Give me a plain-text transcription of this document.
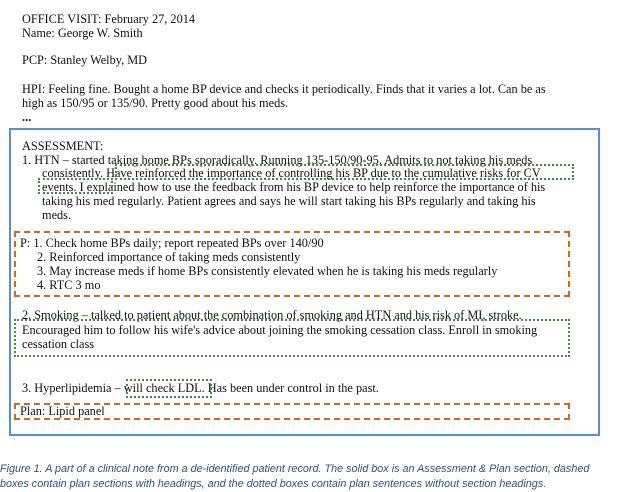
OFFICE VISIT: February 27, 2014
Name: George W. Smith
PCP: Stanley Welby, MD
HPI: Feeling fine. Bought a home BP device and checks it periodically. Finds that it varies a lot. Can be as
high as 150/95 or 135/90. Pretty good about his meds.
...
ASSESSMENT:
1. HTN – started taking home BPs sporadically. Running 135-150/90-95. Admits to not taking his meds
consistently. Have reinforced the importance of controlling his BP due to the cumulative risks for CV
events. I explained how to use the feedback from his BP device to help reinforce the importance of his
taking his med regularly. Patient agrees and says he will start taking his BPs regularly and taking his
meds.
P: 1. Check home BPs daily; report repeated BPs over 140/90
2. Reinforced importance of taking meds consistently
3. May increase meds if home BPs consistently elevated when he is taking his meds regularly
4. RTC 3 mo
2. Smoking – talked to patient about the combination of smoking and HTN and his risk of MI, stroke.
Encouraged him to follow his wife's advice about joining the smoking cessation class. Enroll in smoking
cessation class
3. Hyperlipidemia – will check LDL. Has been under control in the past.
Plan: Lipid panel
Figure 1. A part of a clinical note from a de-identified patient record. The solid box is an Assessment & Plan section, dashed
boxes contain plan sections with headings, and the dotted boxes contain plan sentences without section headings.
